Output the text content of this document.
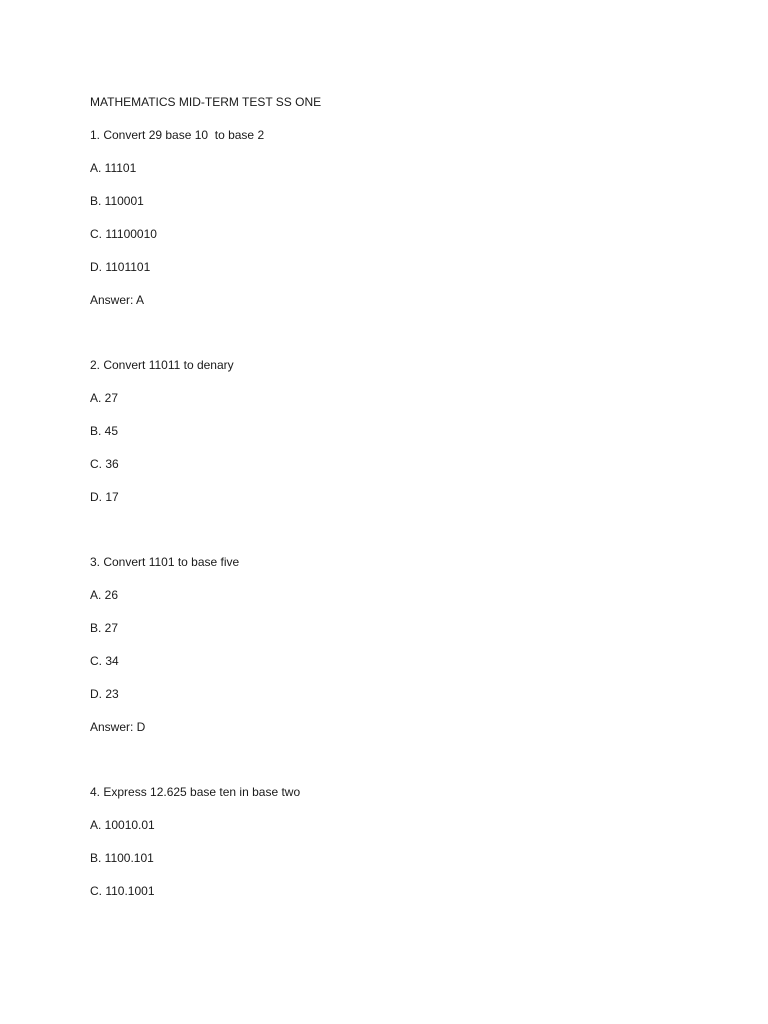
MATHEMATICS MID-TERM TEST SS ONE
1. Convert 29 base 10  to base 2
A. 11101
B. 110001
C. 11100010
D. 1101101
Answer: A
2. Convert 11011 to denary
A. 27
B. 45
C. 36
D. 17
3. Convert 1101 to base five
A. 26
B. 27
C. 34
D. 23
Answer: D
4. Express 12.625 base ten in base two
A. 10010.01
B. 1100.101
C. 110.1001
